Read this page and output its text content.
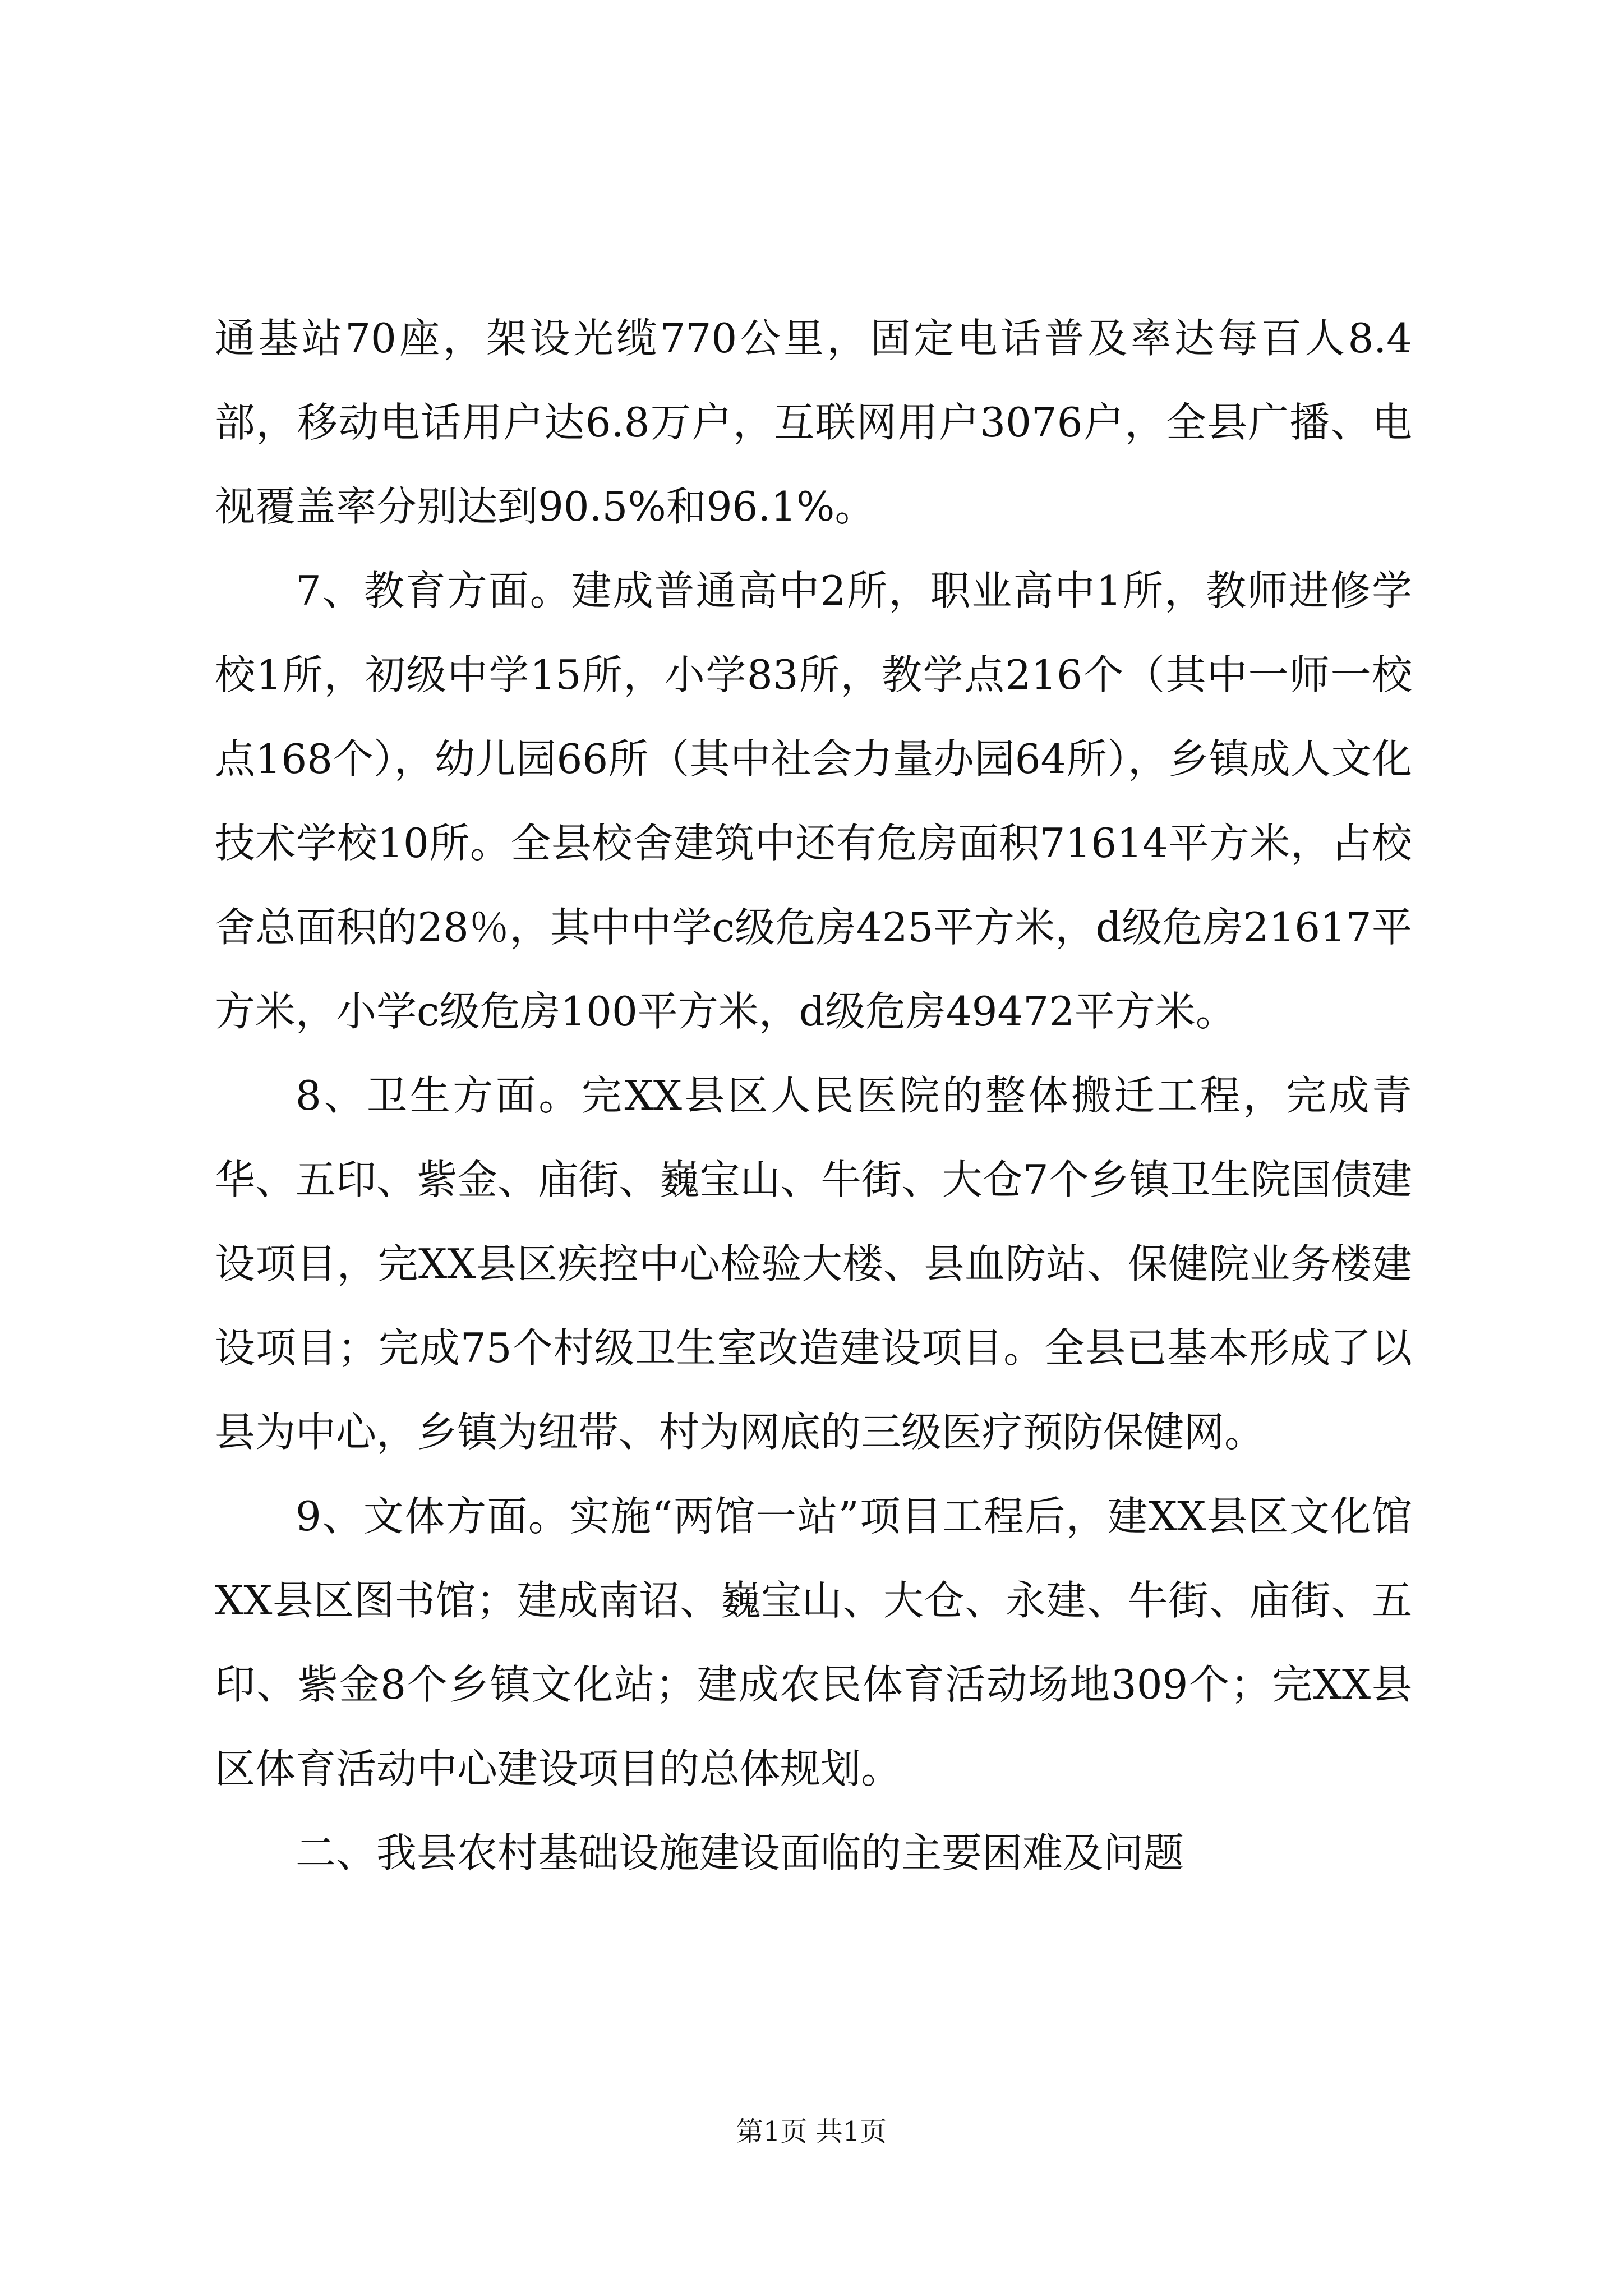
通基站70座，架设光缆770公里，固定电话普及率达每百人8.4部，移动电话用户达6.8万户，互联网用户3076户，全县广播、电视覆盖率分别达到90.5%和96.1%。

7、教育方面。建成普通高中2所，职业高中1所，教师进修学校1所，初级中学15所，小学83所，教学点216个（其中一师一校点168个），幼儿园66所（其中社会力量办园64所），乡镇成人文化技术学校10所。全县校舍建筑中还有危房面积71614平方米，占校舍总面积的28％，其中中学c级危房425平方米，d级危房21617平方米，小学c级危房100平方米，d级危房49472平方米。

8、卫生方面。完XX县区人民医院的整体搬迁工程，完成青华、五印、紫金、庙街、巍宝山、牛街、大仓7个乡镇卫生院国债建设项目，完XX县区疾控中心检验大楼、县血防站、保健院业务楼建设项目；完成75个村级卫生室改造建设项目。全县已基本形成了以县为中心，乡镇为纽带、村为网底的三级医疗预防保健网。

9、文体方面。实施“两馆一站”项目工程后，建XX县区文化馆XX县区图书馆；建成南诏、巍宝山、大仓、永建、牛街、庙街、五印、紫金8个乡镇文化站；建成农民体育活动场地309个；完XX县区体育活动中心建设项目的总体规划。

二、我县农村基础设施建设面临的主要困难及问题

第1页 共1页
